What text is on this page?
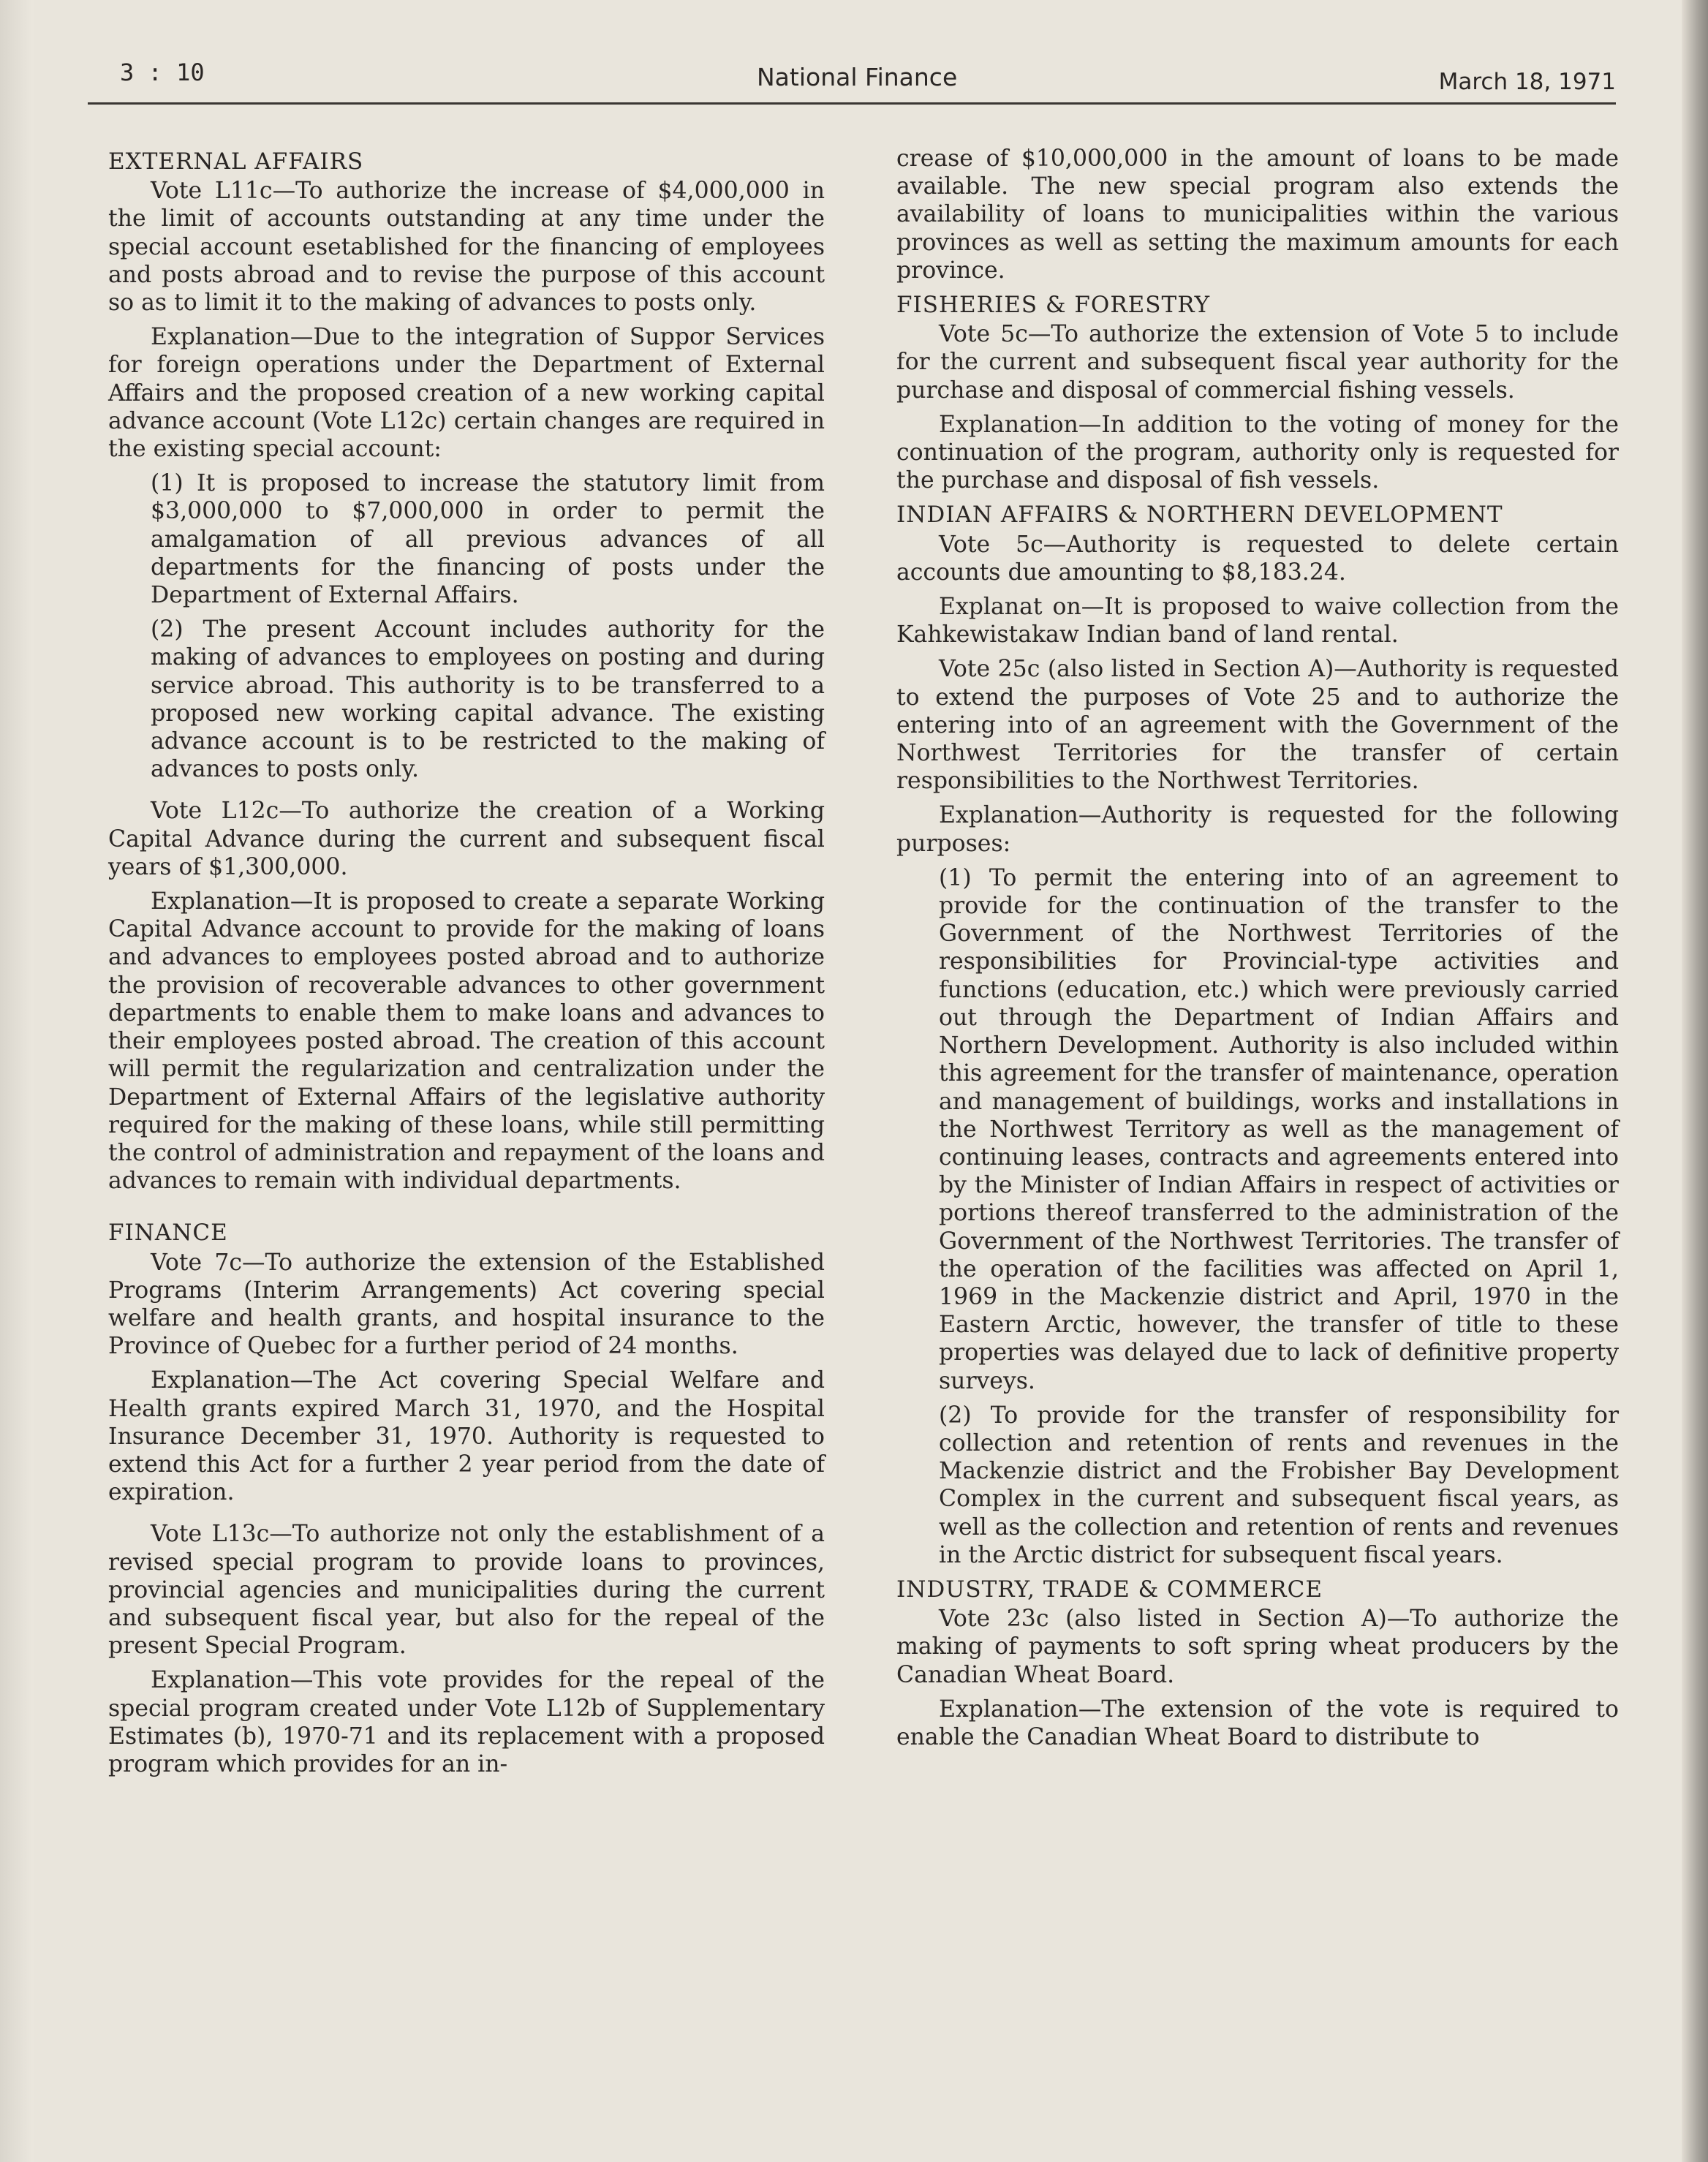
3 : 10	National Finance	March 18, 1971
EXTERNAL AFFAIRS
Vote L11c—To authorize the increase of $4,000,000 in the limit of accounts outstanding at any time under the special account esetablished for the financing of employees and posts abroad and to revise the purpose of this account so as to limit it to the making of advances to posts only.
Explanation—Due to the integration of Suppor Services for foreign operations under the Department of External Affairs and the proposed creation of a new working capital advance account (Vote L12c) certain changes are required in the existing special account:
(1) It is proposed to increase the statutory limit from $3,000,000 to $7,000,000 in order to permit the amalgamation of all previous advances of all departments for the financing of posts under the Department of External Affairs.
(2) The present Account includes authority for the making of advances to employees on posting and during service abroad. This authority is to be transferred to a proposed new working capital advance. The existing advance account is to be restricted to the making of advances to posts only.
Vote L12c—To authorize the creation of a Working Capital Advance during the current and subsequent fiscal years of $1,300,000.
Explanation—It is proposed to create a separate Working Capital Advance account to provide for the making of loans and advances to employees posted abroad and to authorize the provision of recoverable advances to other government departments to enable them to make loans and advances to their employees posted abroad. The creation of this account will permit the regularization and centralization under the Department of External Affairs of the legislative authority required for the making of these loans, while still permitting the control of administration and repayment of the loans and advances to remain with individual departments.
FINANCE
Vote 7c—To authorize the extension of the Established Programs (Interim Arrangements) Act covering special welfare and health grants, and hospital insurance to the Province of Quebec for a further period of 24 months.
Explanation—The Act covering Special Welfare and Health grants expired March 31, 1970, and the Hospital Insurance December 31, 1970. Authority is requested to extend this Act for a further 2 year period from the date of expiration.
Vote L13c—To authorize not only the establishment of a revised special program to provide loans to provinces, provincial agencies and municipalities during the current and subsequent fiscal year, but also for the repeal of the present Special Program.
Explanation—This vote provides for the repeal of the special program created under Vote L12b of Supplementary Estimates (b), 1970-71 and its replacement with a proposed program which provides for an in-
crease of $10,000,000 in the amount of loans to be made available. The new special program also extends the availability of loans to municipalities within the various provinces as well as setting the maximum amounts for each province.
FISHERIES & FORESTRY
Vote 5c—To authorize the extension of Vote 5 to include for the current and subsequent fiscal year authority for the purchase and disposal of commercial fishing vessels.
Explanation—In addition to the voting of money for the continuation of the program, authority only is requested for the purchase and disposal of fish vessels.
INDIAN AFFAIRS & NORTHERN DEVELOPMENT
Vote 5c—Authority is requested to delete certain accounts due amounting to $8,183.24.
Explanat on—It is proposed to waive collection from the Kahkewistakaw Indian band of land rental.
Vote 25c (also listed in Section A)—Authority is requested to extend the purposes of Vote 25 and to authorize the entering into of an agreement with the Government of the Northwest Territories for the transfer of certain responsibilities to the Northwest Territories.
Explanation—Authority is requested for the following purposes:
(1) To permit the entering into of an agreement to provide for the continuation of the transfer to the Government of the Northwest Territories of the responsibilities for Provincial-type activities and functions (education, etc.) which were previously carried out through the Department of Indian Affairs and Northern Development. Authority is also included within this agreement for the transfer of maintenance, operation and management of buildings, works and installations in the Northwest Territory as well as the management of continuing leases, contracts and agreements entered into by the Minister of Indian Affairs in respect of activities or portions thereof transferred to the administration of the Government of the Northwest Territories. The transfer of the operation of the facilities was affected on April 1, 1969 in the Mackenzie district and April, 1970 in the Eastern Arctic, however, the transfer of title to these properties was delayed due to lack of definitive property surveys.
(2) To provide for the transfer of responsibility for collection and retention of rents and revenues in the Mackenzie district and the Frobisher Bay Development Complex in the current and subsequent fiscal years, as well as the collection and retention of rents and revenues in the Arctic district for subsequent fiscal years.
INDUSTRY, TRADE & COMMERCE
Vote 23c (also listed in Section A)—To authorize the making of payments to soft spring wheat producers by the Canadian Wheat Board.
Explanation—The extension of the vote is required to enable the Canadian Wheat Board to distribute to
